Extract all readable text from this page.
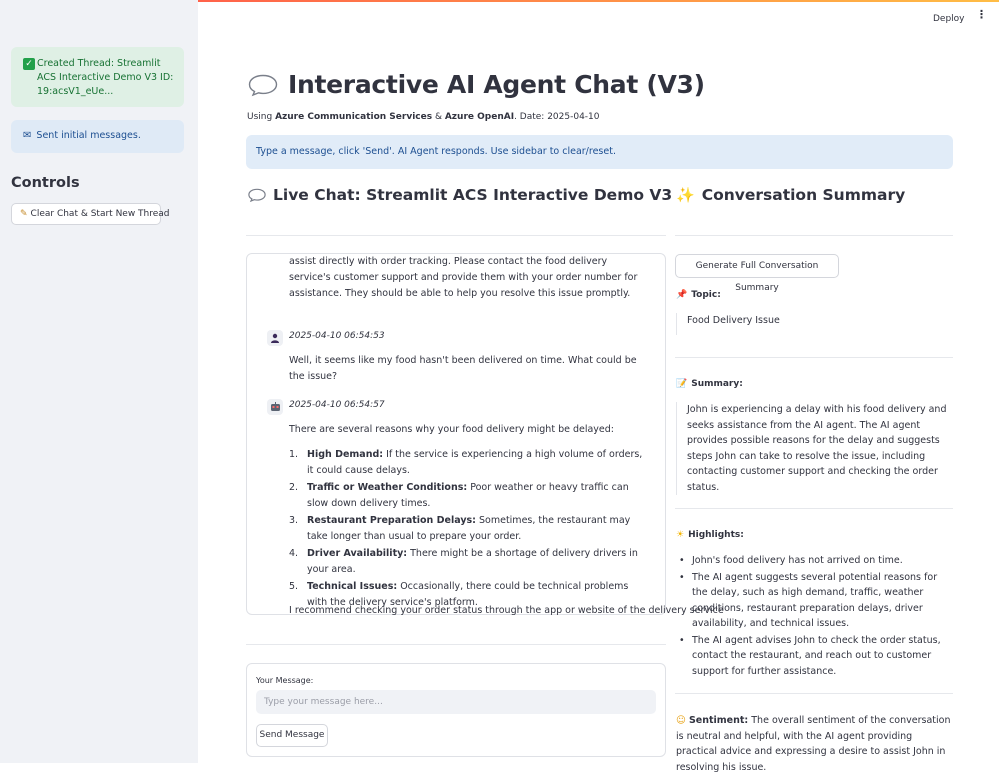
✓ Created Thread: Streamlit ACS Interactive Demo V3 ID: 19:acsV1_eUe...
✉ Sent initial messages.
Controls
✎ Clear Chat & Start New Thread
Deploy ⋮
Interactive AI Agent Chat (V3)
Using Azure Communication Services & Azure OpenAI. Date: 2025-04-10
Type a message, click 'Send'. AI Agent responds. Use sidebar to clear/reset.
Live Chat: Streamlit ACS Interactive Demo V3 ✨ Conversation Summary

assist directly with order tracking. Please contact the food delivery service's customer support and provide them with your order number for assistance. They should be able to help you resolve this issue promptly.

2025-04-10 06:54:53

Well, it seems like my food hasn't been delivered on time. What could be the issue?

2025-04-10 06:54:57

There are several reasons why your food delivery might be delayed:

1. High Demand: If the service is experiencing a high volume of orders, it could cause delays.
2. Traffic or Weather Conditions: Poor weather or heavy traffic can slow down delivery times.
3. Restaurant Preparation Delays: Sometimes, the restaurant may take longer than usual to prepare your order.
4. Driver Availability: There might be a shortage of delivery drivers in your area.
5. Technical Issues: Occasionally, there could be technical problems with the delivery service's platform.

I recommend checking your order status through the app or website of the delivery service

Your Message:
Type your message here...
Send Message
Generate Full Conversation Summary
📌 Topic:
Food Delivery Issue
📝 Summary:
John is experiencing a delay with his food delivery and seeks assistance from the AI agent. The AI agent provides possible reasons for the delay and suggests steps John can take to resolve the issue, including contacting customer support and checking the order status.
☀ Highlights:
• John's food delivery has not arrived on time.
• The AI agent suggests several potential reasons for the delay, such as high demand, traffic, weather conditions, restaurant preparation delays, driver availability, and technical issues.
• The AI agent advises John to check the order status, contact the restaurant, and reach out to customer support for further assistance.
☺ Sentiment: The overall sentiment of the conversation is neutral and helpful, with the AI agent providing practical advice and expressing a desire to assist John in resolving his issue.
